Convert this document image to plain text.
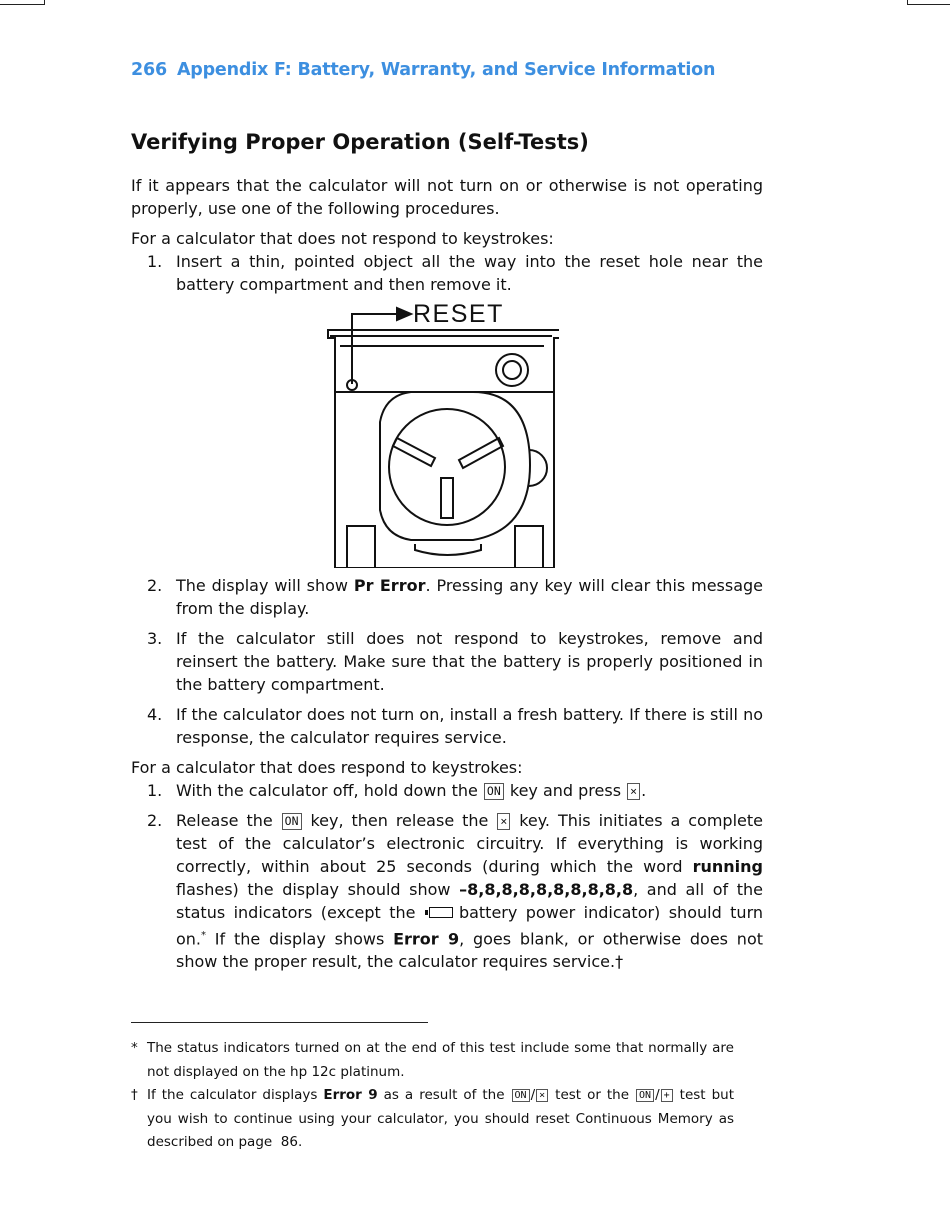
266 Appendix F: Battery, Warranty, and Service Information
Verifying Proper Operation (Self-Tests)

If it appears that the calculator will not turn on or otherwise is not operating properly, use one of the following procedures.

For a calculator that does not respond to keystrokes:

1. Insert a thin, pointed object all the way into the reset hole near the battery compartment and then remove it.
RESET
2. The display will show Pr Error. Pressing any key will clear this message from the display.
3. If the calculator still does not respond to keystrokes, remove and reinsert the battery. Make sure that the battery is properly positioned in the battery compartment.
4. If the calculator does not turn on, install a fresh battery. If there is still no response, the calculator requires service.

For a calculator that does respond to keystrokes:

1. With the calculator off, hold down the ON key and press × .
2. Release the ON key, then release the × key. This initiates a complete test of the calculator’s electronic circuitry. If everything is working correctly, within about 25 seconds (during which the word running flashes) the display should show –8,8,8,8,8,8,8,8,8,8, and all of the status indicators (except the battery power indicator) should turn on.* If the display shows Error 9, goes blank, or otherwise does not show the proper result, the calculator requires service.†
* The status indicators turned on at the end of this test include some that normally are not displayed on the hp 12c platinum.
† If the calculator displays Error 9 as a result of the ON / × test or the ON / + test but you wish to continue using your calculator, you should reset Continuous Memory as described on page  86.
